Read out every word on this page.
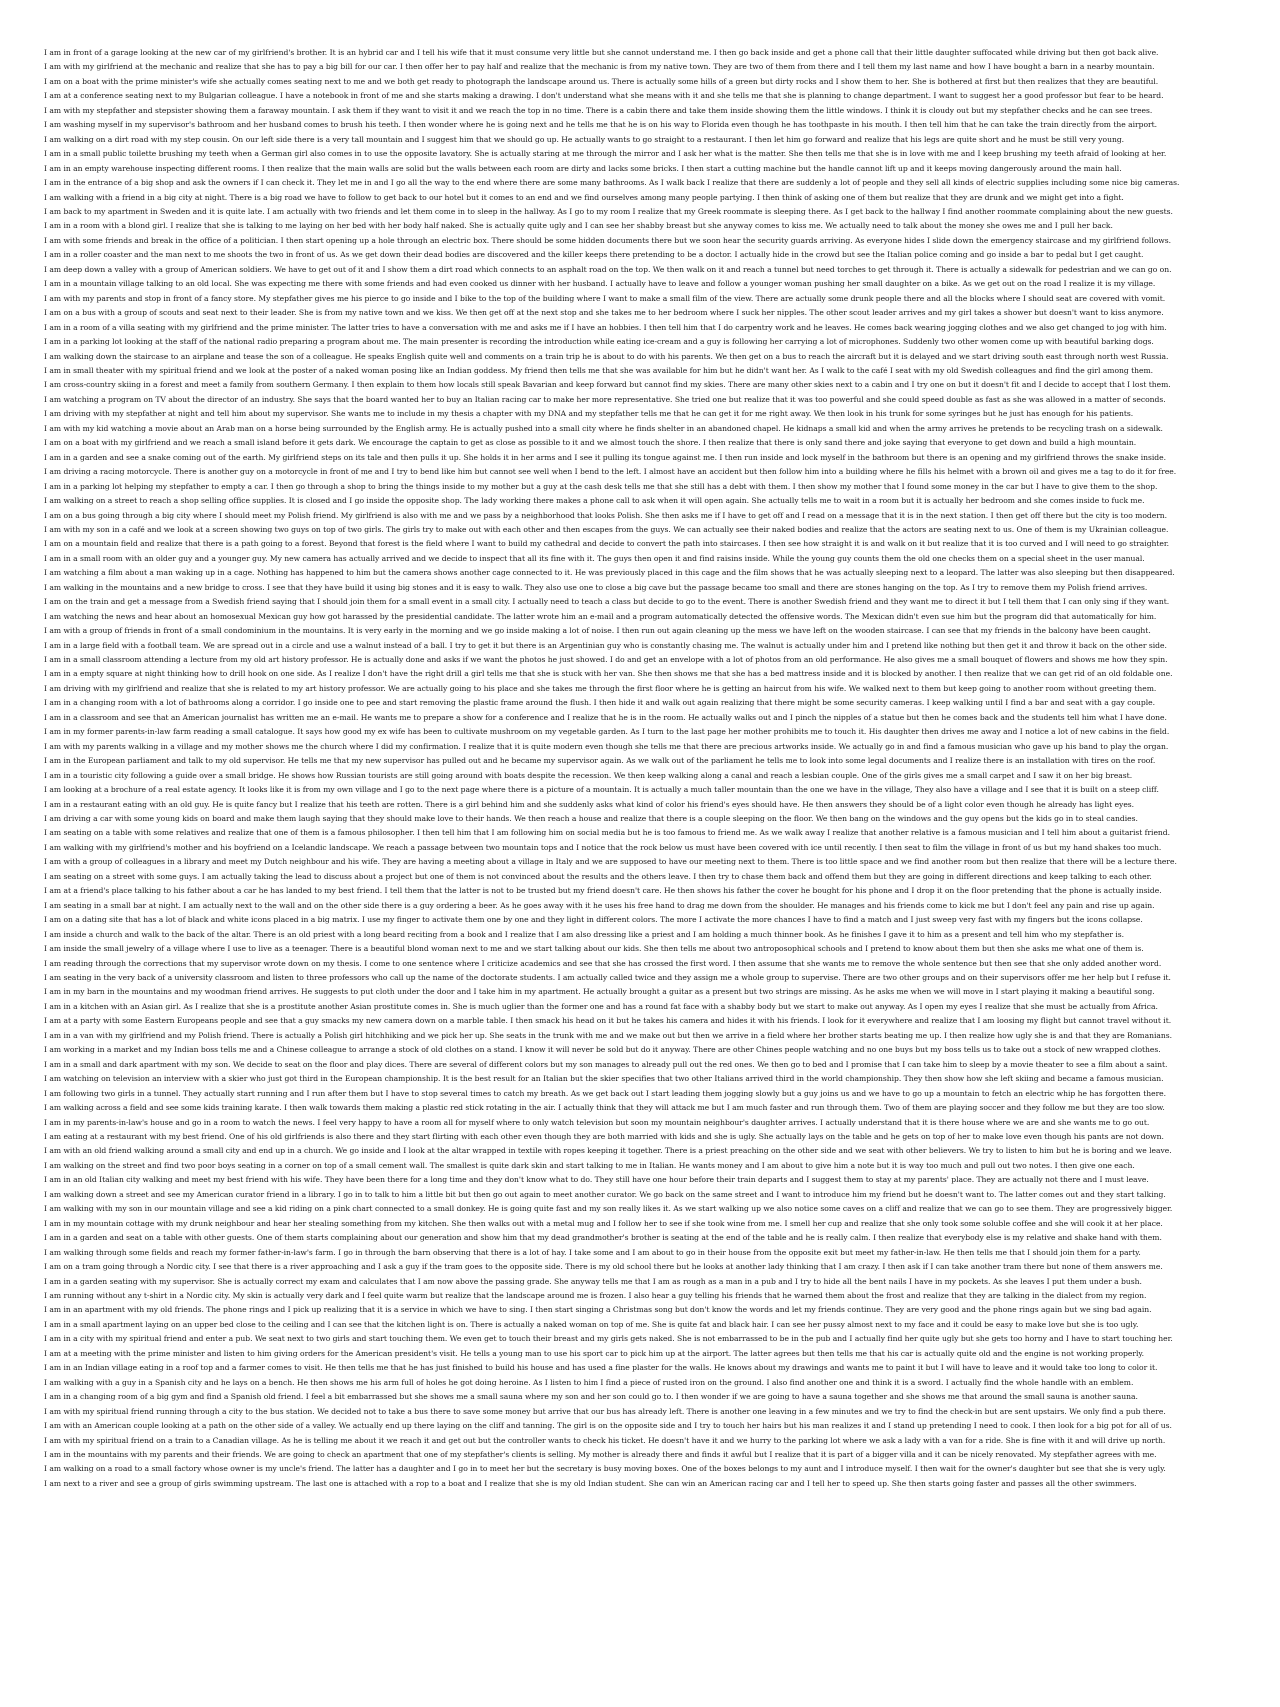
I am in front of a garage looking at the new car of my girlfriend's brother. It is an hybrid car and I tell his wife that it must consume very little but she cannot understand me. I then go back inside and get a phone call that their little daughter suffocated while driving but then got back alive.

I am with my girlfriend at the mechanic and realize that she has to pay a big bill for our car. I then offer her to pay half and realize that the mechanic is from my native town. They are two of them from there and I tell them my last name and how I have bought a barn in a nearby mountain.

I am on a boat with the prime minister's wife she actually comes seating next to me and we both get ready to photograph the landscape around us. There is actually some hills of a green but dirty rocks and I show them to her. She is bothered at first but then realizes that they are beautiful.

I am at a conference seating next to my Bulgarian colleague. I have a notebook in front of me and she starts making a drawing. I don't understand what she means with it and she tells me that she is planning to change department. I want to suggest her a good professor but fear to be heard.

I am with my stepfather and stepsister showing them a faraway mountain. I ask them if they want to visit it and we reach the top in no time. There is a cabin there and take them inside showing them the little windows. I think it is cloudy out but my stepfather checks and he can see trees.

I am washing myself in my supervisor's bathroom and her husband comes to brush his teeth. I then wonder where he is going next and he tells me that he is on his way to Florida even though he has toothpaste in his mouth. I then tell him that he can take the train directly from the airport.

I am walking on a dirt road with my step cousin. On our left side there is a very tall mountain and I suggest him that we should go up. He actually wants to go straight to a restaurant. I then let him go forward and realize that his legs are quite short and he must be still very young.

I am in a small public toilette brushing my teeth when a German girl also comes in to use the opposite lavatory. She is actually staring at me through the mirror and I ask her what is the matter. She then tells me that she is in love with me and I keep brushing my teeth afraid of looking at her.

I am in an empty warehouse inspecting different rooms. I then realize that the main walls are solid but the walls between each room are dirty and lacks some bricks. I then start a cutting machine but the handle cannot lift up and it keeps moving dangerously around the main hall.

I am in the entrance of a big shop and ask the owners if I can check it. They let me in and I go all the way to the end where there are some many bathrooms. As I walk back I realize that there are suddenly a lot of people and they sell all kinds of electric supplies including some nice big cameras.

I am walking with a friend in a big city at night. There is a big road we have to follow to get back to our hotel but it comes to an end and we find ourselves among many people partying. I then think of asking one of them but realize that they are drunk and we might get into a fight.

I am back to my apartment in Sweden and it is quite late. I am actually with two friends and let them come in to sleep in the hallway. As I go to my room I realize that my Greek roommate is sleeping there. As I get back to the hallway I find another roommate complaining about the new guests.

I am in a room with a blond girl. I realize that she is talking to me laying on her bed with her body half naked. She is actually quite ugly and I can see her shabby breast but she anyway comes to kiss me. We actually need to talk about the money she owes me and I pull her back.

I am with some friends and break in the office of a politician. I then start opening up a hole through an electric box. There should be some hidden documents there but we soon hear the security guards arriving. As everyone hides I slide down the emergency staircase and my girlfriend follows.

I am in a roller coaster and the man next to me shoots the two in front of us. As we get down their dead bodies are discovered and the killer keeps there pretending to be a doctor. I actually hide in the crowd but see the Italian police coming and go inside a bar to pedal but I get caught.

I am deep down a valley with a group of American soldiers. We have to get out of it and I show them a dirt road which connects to an asphalt road on the top. We then walk on it and reach a tunnel but need torches to get through it. There is actually a sidewalk for pedestrian and we can go on.

I am in a mountain village talking to an old local. She was expecting me there with some friends and had even cooked us dinner with her husband. I actually have to leave and follow a younger woman pushing her small daughter on a bike. As we get out on the road I realize it is my village.

I am with my parents and stop in front of a fancy store. My stepfather gives me his pierce to go inside and I bike to the top of the building where I want to make a small film of the view. There are actually some drunk people there and all the blocks where I should seat are covered with vomit.

I am on a bus with a group of scouts and seat next to their leader. She is from my native town and we kiss. We then get off at the next stop and she takes me to her bedroom where I suck her nipples. The other scout leader arrives and my girl takes a shower but doesn't want to kiss anymore.

I am in a room of a villa seating with my girlfriend and the prime minister. The latter tries to have a conversation with me and asks me if I have an hobbies. I then tell him that I do carpentry work and he leaves. He comes back wearing jogging clothes and we also get changed to jog with him.

I am in a parking lot looking at the staff of the national radio preparing a program about me. The main presenter is recording the introduction while eating ice-cream and a guy is following her carrying a lot of microphones. Suddenly two other women come up with beautiful barking dogs.

I am walking down the staircase to an airplane and tease the son of a colleague. He speaks English quite well and comments on a train trip he is about to do with his parents. We then get on a bus to reach the aircraft but it is delayed and we start driving south east through north west Russia.

I am in small theater with my spiritual friend and we look at the poster of a naked woman posing like an Indian goddess. My friend then tells me that she was available for him but he didn't want her. As I walk to the café I seat with my old Swedish colleagues and find the girl among them.

I am cross-country skiing in a forest and meet a family from southern Germany. I then explain to them how locals still speak Bavarian and keep forward but cannot find my skies. There are many other skies next to a cabin and I try one on but it doesn't fit and I decide to accept that I lost them.

I am watching a program on TV about the director of an industry. She says that the board wanted her to buy an Italian racing car to make her more representative. She tried one but realize that it was too powerful and she could speed double as fast as she was allowed in a matter of seconds.

I am driving with my stepfather at night and tell him about my supervisor. She wants me to include in my thesis a chapter with my DNA and my stepfather tells me that he can get it for me right away. We then look in his trunk for some syringes but he just has enough for his patients.

I am with my kid watching a movie about an Arab man on a horse being surrounded by the English army. He is actually pushed into a small city where he finds shelter in an abandoned chapel. He kidnaps a small kid and when the army arrives he pretends to be recycling trash on a sidewalk.

I am on a boat with my girlfriend and we reach a small island before it gets dark. We encourage the captain to get as close as possible to it and we almost touch the shore. I then realize that there is only sand there and joke saying that everyone to get down and build a high mountain.

I am in a garden and see a snake coming out of the earth. My girlfriend steps on its tale and then pulls it up. She holds it in her arms and I see it pulling its tongue against me. I then run inside and lock myself in the bathroom but there is an opening and my girlfriend throws the snake inside.

I am driving a racing motorcycle. There is another guy on a motorcycle in front of me and I try to bend like him but cannot see well when I bend to the left. I almost have an accident but then follow him into a building where he fills his helmet with a brown oil and gives me a tag to do it for free.

I am in a parking lot helping my stepfather to empty a car. I then go through a shop to bring the things inside to my mother but a guy at the cash desk tells me that she still has a debt with them. I then show my mother that I found some money in the car but I have to give them to the shop.

I am walking on a street to reach a shop selling office supplies. It is closed and I go inside the opposite shop. The lady working there makes a phone call to ask when it will open again. She actually tells me to wait in a room but it is actually her bedroom and she comes inside to fuck me.

I am on a bus going through a big city where I should meet my Polish friend. My girlfriend is also with me and we pass by a neighborhood that looks Polish. She then asks me if I have to get off and I read on a message that it is in the next station. I then get off there but the city is too modern.

I am with my son in a café and we look at a screen showing two guys on top of two girls. The girls try to make out with each other and then escapes from the guys. We can actually see their naked bodies and realize that the actors are seating next to us. One of them is my Ukrainian colleague.

I am on a mountain field and realize that there is a path going to a forest. Beyond that forest is the field where I want to build my cathedral and decide to convert the path into staircases. I then see how straight it is and walk on it but realize that it is too curved and I will need to go straighter.

I am in a small room with an older guy and a younger guy. My new camera has actually arrived and we decide to inspect that all its fine with it. The guys then open it and find raisins inside. While the young guy counts them the old one checks them on a special sheet in the user manual.

I am watching a film about a man waking up in a cage. Nothing has happened to him but the camera shows another cage connected to it. He was previously placed in this cage and the film shows that he was actually sleeping next to a leopard. The latter was also sleeping but then disappeared.

I am walking in the mountains and a new bridge to cross. I see that they have build it using big stones and it is easy to walk. They also use one to close a big cave but the passage became too small and there are stones hanging on the top. As I try to remove them my Polish friend arrives.

I am on the train and get a message from a Swedish friend saying that I should join them for a small event in a small city. I actually need to teach a class but decide to go to the event. There is another Swedish friend and they want me to direct it but I tell them that I can only sing if they want.

I am watching the news and hear about an homosexual Mexican guy how got harassed by the presidential candidate. The latter wrote him an e-mail and a program automatically detected the offensive words. The Mexican didn't even sue him but the program did that automatically for him.

I am with a group of friends in front of a small condominium in the mountains. It is very early in the morning and we go inside making a lot of noise. I then run out again cleaning up the mess we have left on the wooden staircase. I can see that my friends in the balcony have been caught.

I am in a large field with a football team. We are spread out in a circle and use a walnut instead of a ball. I try to get it but there is an Argentinian guy who is constantly chasing me. The walnut is actually under him and I pretend like nothing but then get it and throw it back on the other side.

I am in a small classroom attending a lecture from my old art history professor. He is actually done and asks if we want the photos he just showed. I do and get an envelope with a lot of photos from an old performance. He also gives me a small bouquet of flowers and shows me how they spin.

I am in a empty square at night thinking how to drill hook on one side. As I realize I don't have the right drill a girl tells me that she is stuck with her van. She then shows me that she has a bed mattress inside and it is blocked by another. I then realize that we can get rid of an old foldable one.

I am driving with my girlfriend and realize that she is related to my art history professor. We are actually going to his place and she takes me through the first floor where he is getting an haircut from his wife. We walked next to them but keep going to another room without greeting them.

I am in a changing room with a lot of bathrooms along a corridor. I go inside one to pee and start removing the plastic frame around the flush. I then hide it and walk out again realizing that there might be some security cameras. I keep walking until I find a bar and seat with a gay couple.

I am in a classroom and see that an American journalist has written me an e-mail. He wants me to prepare a show for a conference and I realize that he is in the room. He actually walks out and I pinch the nipples of a statue but then he comes back and the students tell him what I have done.

I am in my former parents-in-law farm reading a small catalogue. It says how good my ex wife has been to cultivate mushroom on my vegetable garden. As I turn to the last page her mother prohibits me to touch it. His daughter then drives me away and I notice a lot of new cabins in the field.

I am with my parents walking in a village and my mother shows me the church where I did my confirmation. I realize that it is quite modern even though she tells me that there are precious artworks inside. We actually go in and find a famous musician who gave up his band to play the organ.

I am in the European parliament and talk to my old supervisor. He tells me that my new supervisor has pulled out and he became my supervisor again. As we walk out of the parliament he tells me to look into some legal documents and I realize there is an installation with tires on the roof.

I am in a touristic city following a guide over a small bridge. He shows how Russian tourists are still going around with boats despite the recession. We then keep walking along a canal and reach a lesbian couple. One of the girls gives me a small carpet and I saw it on her big breast.

I am looking at a brochure of a real estate agency. It looks like it is from my own village and I go to the next page where there is a picture of a mountain. It is actually a much taller mountain than the one we have in the village, They also have a village and I see that it is built on a steep cliff.

I am in a restaurant eating with an old guy. He is quite fancy but I realize that his teeth are rotten. There is a girl behind him and she suddenly asks what kind of color his friend's eyes should have. He then answers they should be of a light color even though he already has light eyes.

I am driving a car with some young kids on board and make them laugh saying that they should make love to their hands. We then reach a house and realize that there is a couple sleeping on the floor. We then bang on the windows and the guy opens but the kids go in to steal candies.

I am seating on a table with some relatives and realize that one of them is a famous philosopher. I then tell him that I am following him on social media but he is too famous to friend me. As we walk away I realize that another relative is a famous musician and I tell him about a guitarist friend.

I am walking with my girlfriend's mother and his boyfriend on a Icelandic landscape. We reach a passage between two mountain tops and I notice that the rock below us must have been covered with ice until recently. I then seat to film the village in front of us but my hand shakes too much.

I am with a group of colleagues in a library and meet my Dutch neighbour and his wife. They are having a meeting about a village in Italy and we are supposed to have our meeting next to them. There is too little space and we find another room but then realize that there will be a lecture there.

I am seating on a street with some guys. I am actually taking the lead to discuss about a project but one of them is not convinced about the results and the others leave. I then try to chase them back and offend them but they are going in different directions and keep talking to each other.

I am at a friend's place talking to his father about a car he has landed to my best friend. I tell them that the latter is not to be trusted but my friend doesn't care. He then shows his father the cover he bought for his phone and I drop it on the floor pretending that the phone is actually inside.

I am seating in a small bar at night. I am actually next to the wall and on the other side there is a guy ordering a beer. As he goes away with it he uses his free hand to drag me down from the shoulder. He manages and his friends come to kick me but I don't feel any pain and rise up again.

I am on a dating site that has a lot of black and white icons placed in a big matrix. I use my finger to activate them one by one and they light in different colors. The more I activate the more chances I have to find a match and I just sweep very fast with my fingers but the icons collapse.

I am inside a church and walk to the back of the altar. There is an old priest with a long beard reciting from a book and I realize that I am also dressing like a priest and I am holding a much thinner book. As he finishes I gave it to him as a present and tell him who my stepfather is.

I am inside the small jewelry of a village where I use to live as a teenager. There is a beautiful blond woman next to me and we start talking about our kids. She then tells me about two antroposophical schools and I pretend to know about them but then she asks me what one of them is.

I am reading through the corrections that my supervisor wrote down on my thesis. I come to one sentence where I criticize academics and see that she has crossed the first word. I then assume that she wants me to remove the whole sentence but then see that she only added another word.

I am seating in the very back of a university classroom and listen to three professors who call up the name of the doctorate students. I am actually called twice and they assign me a whole group to supervise. There are two other groups and on their supervisors offer me her help but I refuse it.

I am in my barn in the mountains and my woodman friend arrives. He suggests to put cloth under the door and I take him in my apartment. He actually brought a guitar as a present but two strings are missing. As he asks me when we will move in I start playing it making a beautiful song.

I am in a kitchen with an Asian girl. As I realize that she is a prostitute another Asian prostitute comes in. She is much uglier than the former one and has a round fat face with a shabby body but we start to make out anyway. As I open my eyes I realize that she must be actually from Africa.

I am at a party with some Eastern Europeans people and see that a guy smacks my new camera down on a marble table. I then smack his head on it but he takes his camera and hides it with his friends. I look for it everywhere and realize that I am loosing my flight but cannot travel without it.

I am in a van with my girlfriend and my Polish friend. There is actually a Polish girl hitchhiking and we pick her up. She seats in the trunk with me and we make out but then we arrive in a field where her brother starts beating me up. I then realize how ugly she is and that they are Romanians.

I am working in a market and my Indian boss tells me and a Chinese colleague to arrange a stock of old clothes on a stand. I know it will never be sold but do it anyway. There are other Chines people watching and no one buys but my boss tells us to take out a stock of new wrapped clothes.

I am in a small and dark apartment with my son. We decide to seat on the floor and play dices. There are several of different colors but my son manages to already pull out the red ones. We then go to bed and I promise that I can take him to sleep by a movie theater to see a film about a saint.

I am watching on television an interview with a skier who just got third in the European championship. It is the best result for an Italian but the skier specifies that two other Italians arrived third in the world championship. They then show how she left skiing and became a famous musician.

I am following two girls in a tunnel. They actually start running and I run after them but I have to stop several times to catch my breath. As we get back out I start leading them jogging slowly but a guy joins us and we have to go up a mountain to fetch an electric whip he has forgotten there.

I am walking across a field and see some kids training karate. I then walk towards them making a plastic red stick rotating in the air. I actually think that they will attack me but I am much faster and run through them. Two of them are playing soccer and they follow me but they are too slow.

I am in my parents-in-law's house and go in a room to watch the news. I feel very happy to have a room all for myself where to only watch television but soon my mountain neighbour's daughter arrives. I actually understand that it is there house where we are and she wants me to go out.

I am eating at a restaurant with my best friend. One of his old girlfriends is also there and they start flirting with each other even though they are both married with kids and she is ugly. She actually lays on the table and he gets on top of her to make love even though his pants are not down.

I am with an old friend walking around a small city and end up in a church. We go inside and I look at the altar wrapped in textile with ropes keeping it together. There is a priest preaching on the other side and we seat with other believers. We try to listen to him but he is boring and we leave.

I am walking on the street and find two poor boys seating in a corner on top of a small cement wall. The smallest is quite dark skin and start talking to me in Italian. He wants money and I am about to give him a note but it is way too much and pull out two notes. I then give one each.

I am in an old Italian city walking and meet my best friend with his wife. They have been there for a long time and they don't know what to do. They still have one hour before their train departs and I suggest them to stay at my parents' place. They are actually not there and I must leave.

I am walking down a street and see my American curator friend in a library. I go in to talk to him a little bit but then go out again to meet another curator. We go back on the same street and I want to introduce him my friend but he doesn't want to. The latter comes out and they start talking.

I am walking with my son in our mountain village and see a kid riding on a pink chart connected to a small donkey. He is going quite fast and my son really likes it. As we start walking up we also notice some caves on a cliff and realize that we can go to see them. They are progressively bigger.

I am in my mountain cottage with my drunk neighbour and hear her stealing something from my kitchen. She then walks out with a metal mug and I follow her to see if she took wine from me. I smell her cup and realize that she only took some soluble coffee and she will cook it at her place.

I am in a garden and seat on a table with other guests. One of them starts complaining about our generation and show him that my dead grandmother's brother is seating at the end of the table and he is really calm. I then realize that everybody else is my relative and shake hand with them.

I am walking through some fields and reach my former father-in-law's farm. I go in through the barn observing that there is a lot of hay. I take some and I am about to go in their house from the opposite exit but meet my father-in-law. He then tells me that I should join them for a party.

I am on a tram going through a Nordic city. I see that there is a river approaching and I ask a guy if the tram goes to the opposite side. There is my old school there but he looks at another lady thinking that I am crazy. I then ask if I can take another tram there but none of them answers me.

I am in a garden seating with my supervisor. She is actually correct my exam and calculates that I am now above the passing grade. She anyway tells me that I am as rough as a man in a pub and I try to hide all the bent nails I have in my pockets. As she leaves I put them under a bush.

I am running without any t-shirt in a Nordic city. My skin is actually very dark and I feel quite warm but realize that the landscape around me is frozen. I also hear a guy telling his friends that he warned them about the frost and realize that they are talking in the dialect from my region.

I am in an apartment with my old friends. The phone rings and I pick up realizing that it is a service in which we have to sing. I then start singing a Christmas song but don't know the words and let my friends continue. They are very good and the phone rings again but we sing bad again.

I am in a small apartment laying on an upper bed close to the ceiling and I can see that the kitchen light is on. There is actually a naked woman on top of me. She is quite fat and black hair. I can see her pussy almost next to my face and it could be easy to make love but she is too ugly.

I am in a city with my spiritual friend and enter a pub. We seat next to two girls and start touching them. We even get to touch their breast and my girls gets naked. She is not embarrassed to be in the pub and I actually find her quite ugly but she gets too horny and I have to start touching her.

I am at a meeting with the prime minister and listen to him giving orders for the American president's visit. He tells a young man to use his sport car to pick him up at the airport. The latter agrees but then tells me that his car is actually quite old and the engine is not working properly.

I am in an Indian village eating in a roof top and a farmer comes to visit. He then tells me that he has just finished to build his house and has used a fine plaster for the walls. He knows about my drawings and wants me to paint it but I will have to leave and it would take too long to color it.

I am walking with a guy in a Spanish city and he lays on a bench. He then shows me his arm full of holes he got doing heroine. As I listen to him I find a piece of rusted iron on the ground. I also find another one and think it is a sword. I actually find the whole handle with an emblem.

I am in a changing room of a big gym and find a Spanish old friend. I feel a bit embarrassed but she shows me a small sauna where my son and her son could go to. I then wonder if we are going to have a sauna together and she shows me that around the small sauna is another sauna.

I am with my spiritual friend running through a city to the bus station. We decided not to take a bus there to save some money but arrive that our bus has already left. There is another one leaving in a few minutes and we try to find the check-in but are sent upstairs. We only find a pub there.

I am with an American couple looking at a path on the other side of a valley. We actually end up there laying on the cliff and tanning. The girl is on the opposite side and I try to touch her hairs but his man realizes it and I stand up pretending I need to cook. I then look for a big pot for all of us.

I am with my spiritual friend on a train to a Canadian village. As he is telling me about it we reach it and get out but the controller wants to check his ticket. He doesn't have it and we hurry to the parking lot where we ask a lady with a van for a ride. She is fine with it and will drive up north.

I am in the mountains with my parents and their friends. We are going to check an apartment that one of my stepfather's clients is selling. My mother is already there and finds it awful but I realize that it is part of a bigger villa and it can be nicely renovated. My stepfather agrees with me.

I am walking on a road to a small factory whose owner is my uncle's friend. The latter has a daughter and I go in to meet her but the secretary is busy moving boxes. One of the boxes belongs to my aunt and I introduce myself. I then wait for the owner's daughter but see that she is very ugly.

I am next to a river and see a group of girls swimming upstream. The last one is attached with a rop to a boat and I realize that she is my old Indian student. She can win an American racing car and I tell her to speed up. She then starts going faster and passes all the other swimmers.
